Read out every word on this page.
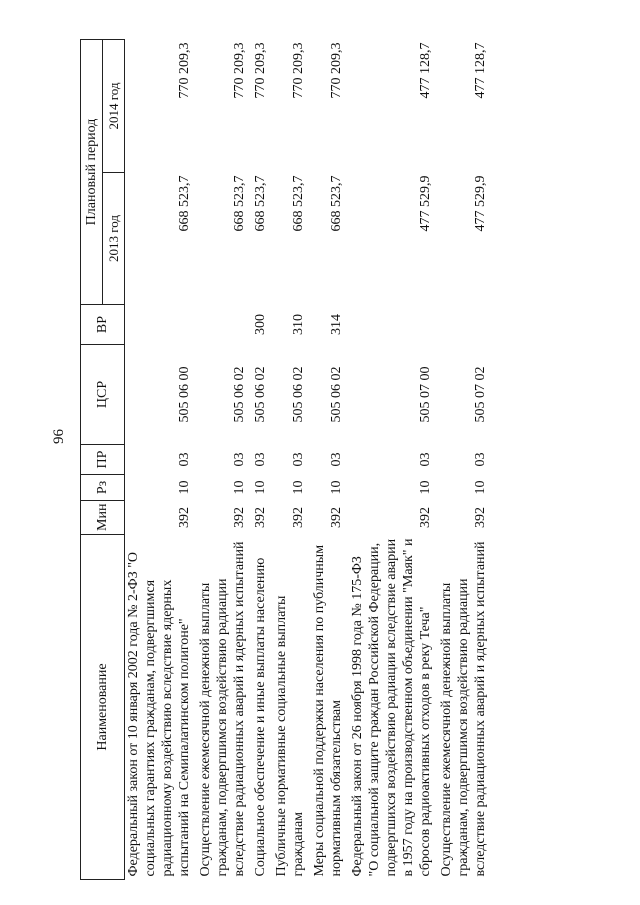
96
Наименование	Мин	Рз	ПР	ЦСР	ВР	Плановый период	
						2013 год	2014 год
Федеральный закон от 10 января 2002 года № 2-ФЗ "О социальных гарантиях гражданам, подвергшимся радиационному воздействию вследствие ядерных испытаний на Семипалатинском полигоне"	392	10	03	505 06 00		668 523,7	770 209,3
Осуществление ежемесячной денежной выплаты гражданам, подвергшимся воздействию радиации вследствие радиационных аварий и ядерных испытаний	392	10	03	505 06 02		668 523,7	770 209,3
Социальное обеспечение и иные выплаты населению	392	10	03	505 06 02	300	668 523,7	770 209,3
Публичные нормативные социальные выплаты гражданам	392	10	03	505 06 02	310	668 523,7	770 209,3
Меры социальной поддержки населения по публичным нормативным обязательствам	392	10	03	505 06 02	314	668 523,7	770 209,3
Федеральный закон от 26 ноября 1998 года № 175-ФЗ "О социальной защите граждан Российской Федерации, подвергшихся воздействию радиации вследствие аварии в 1957 году на производственном объединении "Маяк" и сбросов радиоактивных отходов в реку Теча"	392	10	03	505 07 00		477 529,9	477 128,7
Осуществление ежемесячной денежной выплаты гражданам, подвергшимся воздействию радиации вследствие радиационных аварий и ядерных испытаний	392	10	03	505 07 02		477 529,9	477 128,7
